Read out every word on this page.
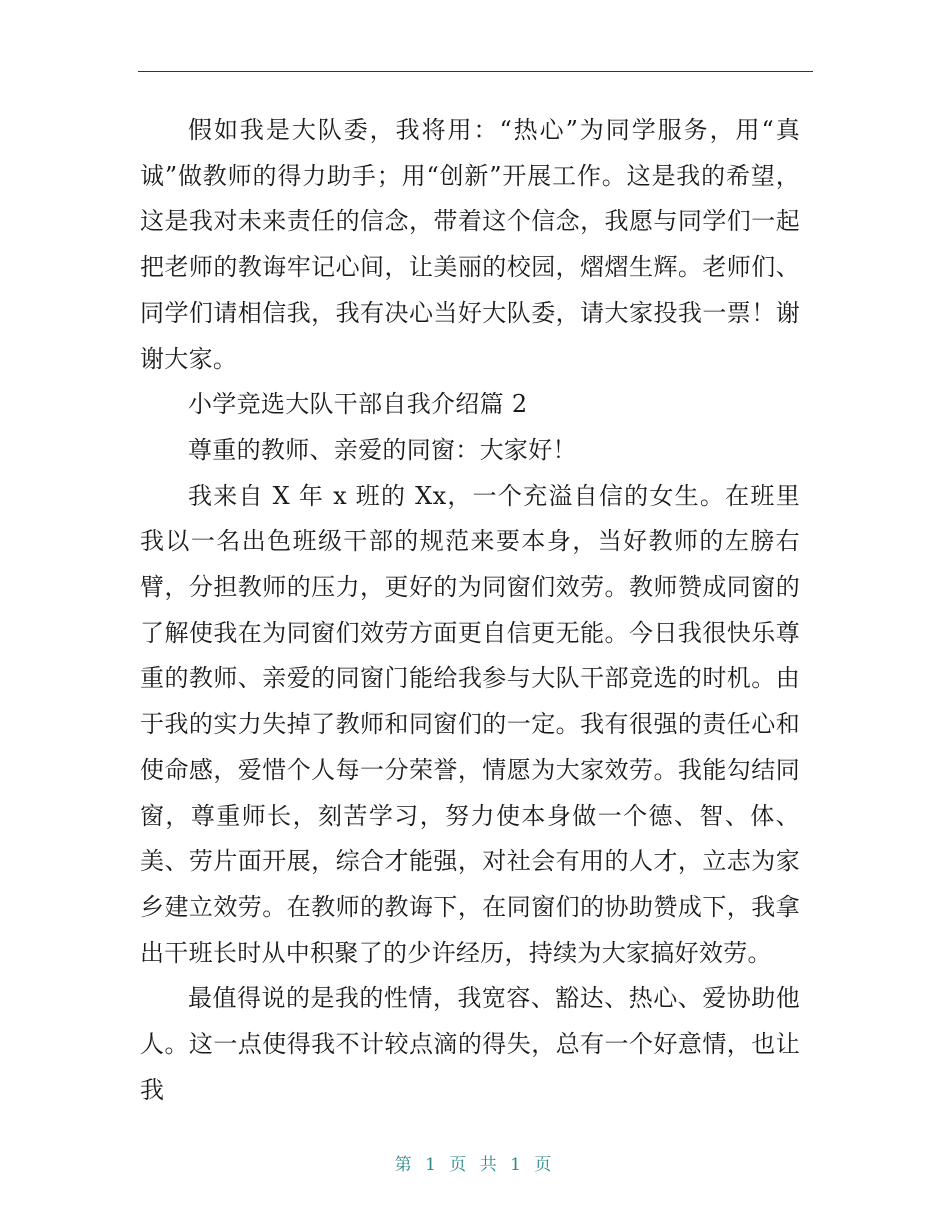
假如我是大队委，我将用：“热心”为同学服务，用“真诚”做教师的得力助手；用“创新”开展工作。这是我的希望，这是我对未来责任的信念，带着这个信念，我愿与同学们一起把老师的教诲牢记心间，让美丽的校园，熠熠生辉。老师们、同学们请相信我，我有决心当好大队委，请大家投我一票！谢谢大家。

小学竞选大队干部自我介绍篇 2

尊重的教师、亲爱的同窗：大家好！

我来自 X 年 x 班的 Xx，一个充溢自信的女生。在班里我以一名出色班级干部的规范来要本身，当好教师的左膀右臂，分担教师的压力，更好的为同窗们效劳。教师赞成同窗的了解使我在为同窗们效劳方面更自信更无能。今日我很快乐尊重的教师、亲爱的同窗门能给我参与大队干部竞选的时机。由于我的实力失掉了教师和同窗们的一定。我有很强的责任心和使命感，爱惜个人每一分荣誉，情愿为大家效劳。我能勾结同窗，尊重师长，刻苦学习，努力使本身做一个德、智、体、美、劳片面开展，综合才能强，对社会有用的人才，立志为家乡建立效劳。在教师的教诲下，在同窗们的协助赞成下，我拿出干班长时从中积聚了的少许经历，持续为大家搞好效劳。

最值得说的是我的性情，我宽容、豁达、热心、爱协助他人。这一点使得我不计较点滴的得失，总有一个好意情，也让我

第 1 页 共 1 页
